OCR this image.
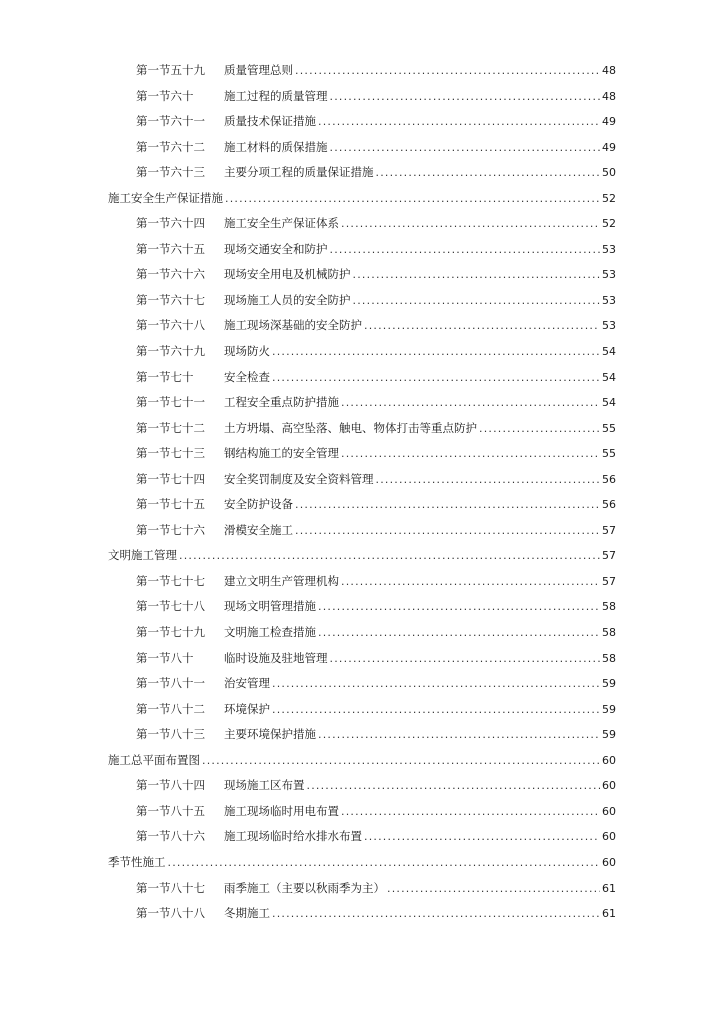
第一节五十九	质量管理总则 .....	48
第一节六十	施工过程的质量管理 .....	48
第一节六十一	质量技术保证措施 .....	49
第一节六十二	施工材料的质保措施 .....	49
第一节六十三	主要分项工程的质量保证措施 .....	50
施工安全生产保证措施 .....	52
第一节六十四	施工安全生产保证体系 .....	52
第一节六十五	现场交通安全和防护 .....	53
第一节六十六	现场安全用电及机械防护 .....	53
第一节六十七	现场施工人员的安全防护 .....	53
第一节六十八	施工现场深基础的安全防护 .....	53
第一节六十九	现场防火 .....	54
第一节七十	安全检查 .....	54
第一节七十一	工程安全重点防护措施 .....	54
第一节七十二	土方坍塌、高空坠落、触电、物体打击等重点防护 .....	55
第一节七十三	钢结构施工的安全管理 .....	55
第一节七十四	安全奖罚制度及安全资料管理 .....	56
第一节七十五	安全防护设备 .....	56
第一节七十六	滑模安全施工 .....	57
文明施工管理 .....	57
第一节七十七	建立文明生产管理机构 .....	57
第一节七十八	现场文明管理措施 .....	58
第一节七十九	文明施工检查措施 .....	58
第一节八十	临时设施及驻地管理 .....	58
第一节八十一	治安管理 .....	59
第一节八十二	环境保护 .....	59
第一节八十三	主要环境保护措施 .....	59
施工总平面布置图 .....	60
第一节八十四	现场施工区布置 .....	60
第一节八十五	施工现场临时用电布置 .....	60
第一节八十六	施工现场临时给水排水布置 .....	60
季节性施工 .....	60
第一节八十七	雨季施工（主要以秋雨季为主） .....	61
第一节八十八	冬期施工 .....	61
